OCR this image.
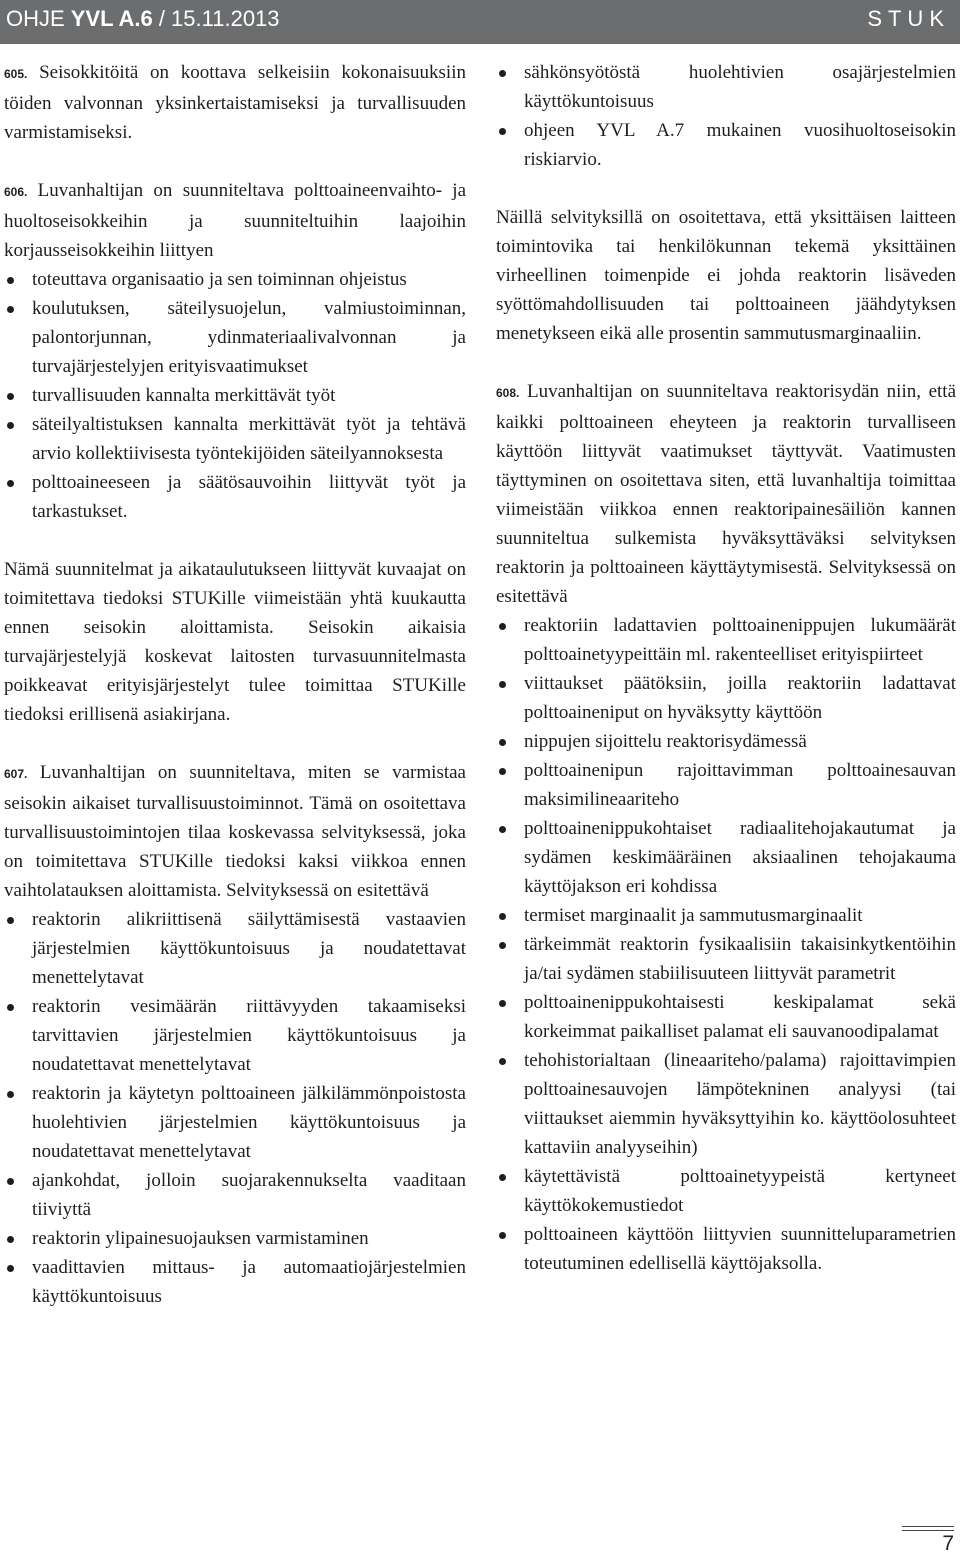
OHJE YVL A.6 / 15.11.2013	STUK

605. Seisokkitöitä on koottava selkeisiin kokonaisuuksiin töiden valvonnan yksinkertaistamiseksi ja turvallisuuden varmistamiseksi.

606. Luvanhaltijan on suunniteltava polttoaineenvaihto- ja huoltoseisokkeihin ja suunniteltuihin laajoihin korjausseisokkeihin liittyen

toteuttava organisaatio ja sen toiminnan ohjeistus
koulutuksen, säteilysuojelun, valmiustoiminnan, palontorjunnan, ydinmateriaalivalvonnan ja turvajärjestelyjen erityisvaatimukset
turvallisuuden kannalta merkittävät työt
säteilyaltistuksen kannalta merkittävät työt ja tehtävä arvio kollektiivisesta työntekijöiden säteilyannoksesta
polttoaineeseen ja säätösauvoihin liittyvät työt ja tarkastukset.

Nämä suunnitelmat ja aikataulutukseen liittyvät kuvaajat on toimitettava tiedoksi STUKille viimeistään yhtä kuukautta ennen seisokin aloittamista. Seisokin aikaisia turvajärjestelyjä koskevat laitosten turvasuunnitelmasta poikkeavat erityisjärjestelyt tulee toimittaa STUKille tiedoksi erillisenä asiakirjana.

607. Luvanhaltijan on suunniteltava, miten se varmistaa seisokin aikaiset turvallisuustoiminnot. Tämä on osoitettava turvallisuustoimintojen tilaa koskevassa selvityksessä, joka on toimitettava STUKille tiedoksi kaksi viikkoa ennen vaihtolatauksen aloittamista. Selvityksessä on esitettävä

reaktorin alikriittisenä säilyttämisestä vastaavien järjestelmien käyttökuntoisuus ja noudatettavat menettelytavat
reaktorin vesimäärän riittävyyden takaamiseksi tarvittavien järjestelmien käyttökuntoisuus ja noudatettavat menettelytavat
reaktorin ja käytetyn polttoaineen jälkilämmönpoistosta huolehtivien järjestelmien käyttökuntoisuus ja noudatettavat menettelytavat
ajankohdat, jolloin suojarakennukselta vaaditaan tiiviyttä
reaktorin ylipainesuojauksen varmistaminen
vaadittavien mittaus- ja automaatiojärjestelmien käyttökuntoisuus
sähkönsyötöstä huolehtivien osajärjestelmien käyttökuntoisuus
ohjeen YVL A.7 mukainen vuosihuoltoseisokin riskiarvio.

Näillä selvityksillä on osoitettava, että yksittäisen laitteen toimintovika tai henkilökunnan tekemä yksittäinen virheellinen toimenpide ei johda reaktorin lisäveden syöttömahdollisuuden tai polttoaineen jäähdytyksen menetykseen eikä alle prosentin sammutusmarginaaliin.

608. Luvanhaltijan on suunniteltava reaktorisydän niin, että kaikki polttoaineen eheyteen ja reaktorin turvalliseen käyttöön liittyvät vaatimukset täyttyvät. Vaatimusten täyttyminen on osoitettava siten, että luvanhaltija toimittaa viimeistään viikkoa ennen reaktoripainesäiliön kannen suunniteltua sulkemista hyväksyttäväksi selvityksen reaktorin ja polttoaineen käyttäytymisestä. Selvityksessä on esitettävä

reaktoriin ladattavien polttoainenippujen lukumäärät polttoainetyypeittäin ml. rakenteelliset erityispiirteet
viittaukset päätöksiin, joilla reaktoriin ladattavat polttoaineniput on hyväksytty käyttöön
nippujen sijoittelu reaktorisydämessä
polttoainenipun rajoittavimman polttoainesauvan maksimilineaariteho
polttoainenippukohtaiset radiaalitehojakautumat ja sydämen keskimääräinen aksiaalinen tehojakauma käyttöjakson eri kohdissa
termiset marginaalit ja sammutusmarginaalit
tärkeimmät reaktorin fysikaalisiin takaisinkytkentöihin ja/tai sydämen stabiilisuuteen liittyvät parametrit
polttoainenippukohtaisesti keskipalamat sekä korkeimmat paikalliset palamat eli sauvanoodipalamat
tehohistorialtaan (lineaariteho/palama) rajoittavimpien polttoainesauvojen lämpötekninen analyysi (tai viittaukset aiemmin hyväksyttyihin ko. käyttöolosuhteet kattaviin analyyseihin)
käytettävistä polttoainetyypeistä kertyneet käyttökokemustiedot
polttoaineen käyttöön liittyvien suunnitteluparametrien toteutuminen edellisellä käyttöjaksolla.
7
